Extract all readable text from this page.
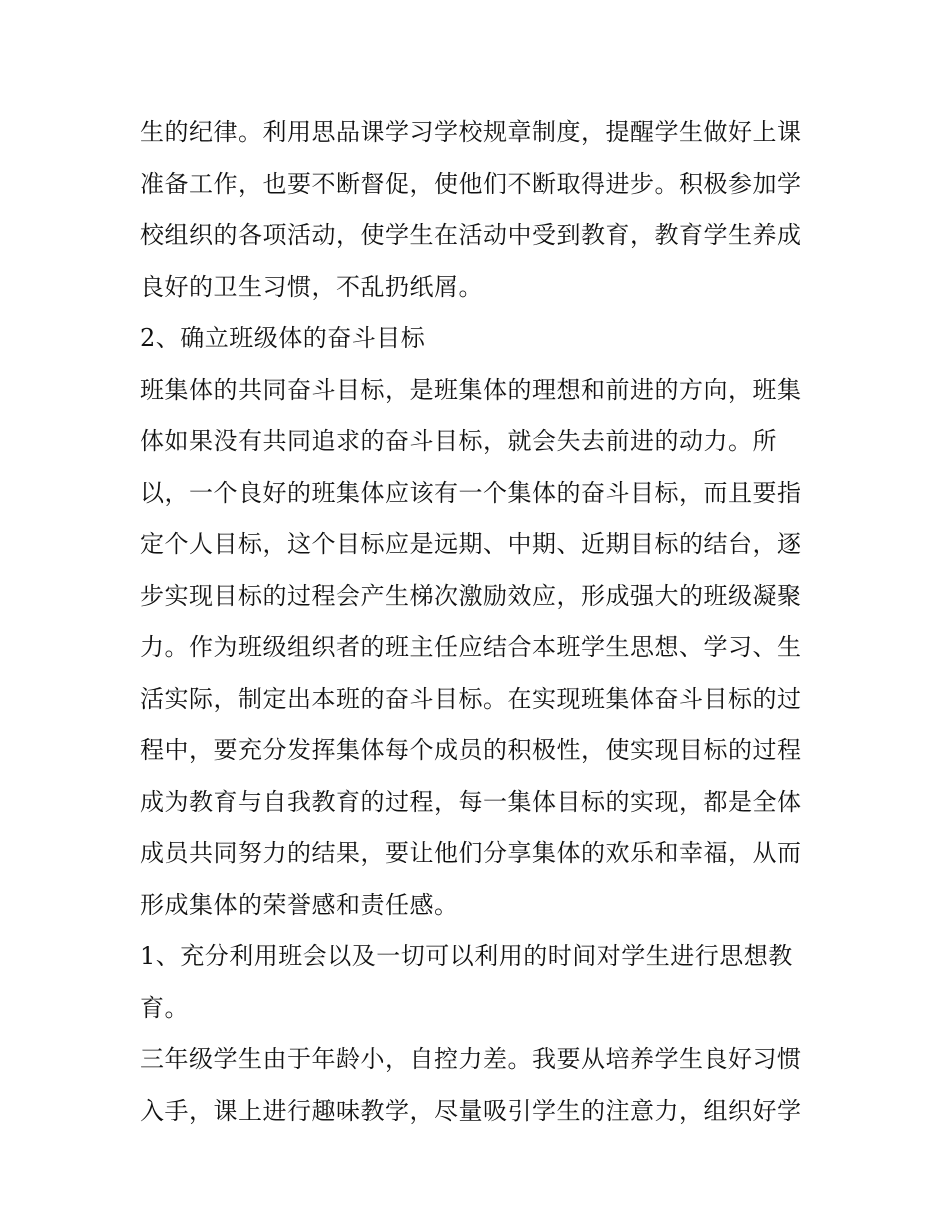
生的纪律。利用思品课学习学校规章制度，提醒学生做好上课
准备工作，也要不断督促，使他们不断取得进步。积极参加学
校组织的各项活动，使学生在活动中受到教育，教育学生养成
良好的卫生习惯，不乱扔纸屑。
2、确立班级体的奋斗目标
班集体的共同奋斗目标，是班集体的理想和前进的方向，班集
体如果没有共同追求的奋斗目标，就会失去前进的动力。所
以，一个良好的班集体应该有一个集体的奋斗目标，而且要指
定个人目标，这个目标应是远期、中期、近期目标的结台，逐
步实现目标的过程会产生梯次激励效应，形成强大的班级凝聚
力。作为班级组织者的班主任应结合本班学生思想、学习、生
活实际，制定出本班的奋斗目标。在实现班集体奋斗目标的过
程中，要充分发挥集体每个成员的积极性，使实现目标的过程
成为教育与自我教育的过程，每一集体目标的实现，都是全体
成员共同努力的结果，要让他们分享集体的欢乐和幸福，从而
形成集体的荣誉感和责任感。
1、充分利用班会以及一切可以利用的时间对学生进行思想教
育。
三年级学生由于年龄小，自控力差。我要从培养学生良好习惯
入手，课上进行趣味教学，尽量吸引学生的注意力，组织好学
